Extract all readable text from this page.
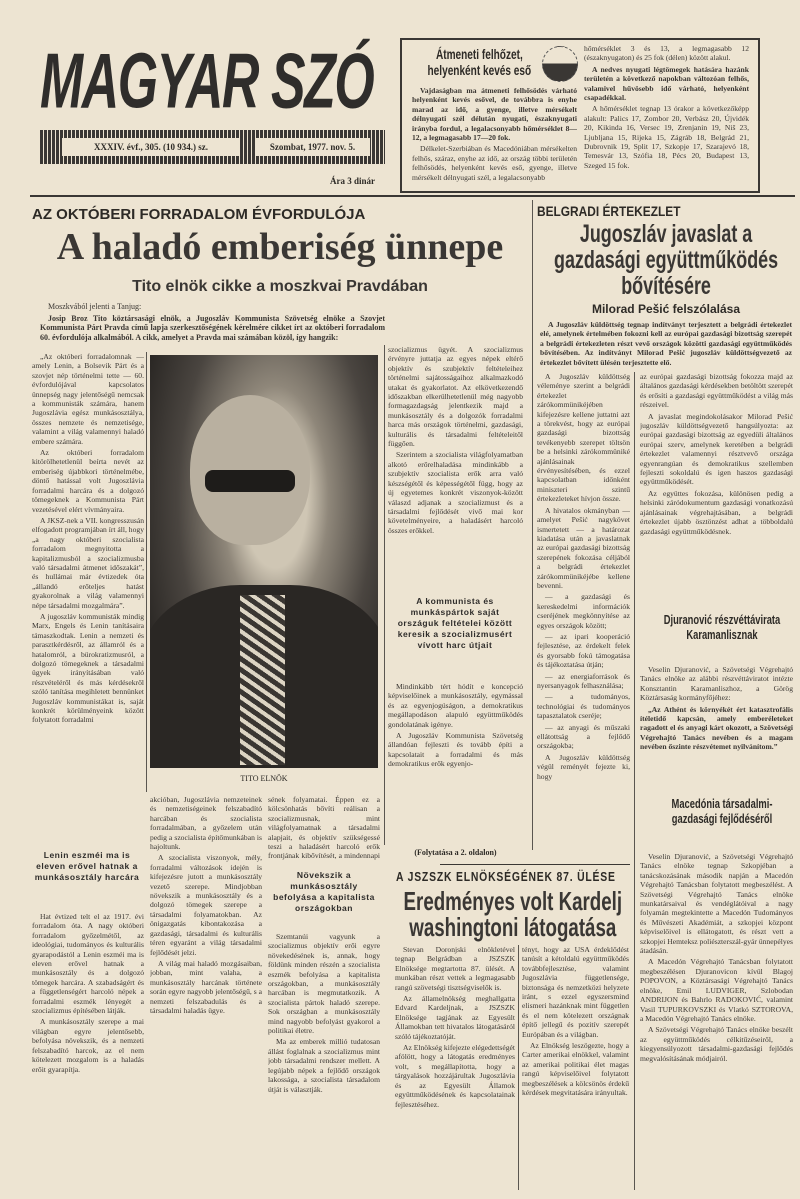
MAGYAR SZÓ
XXXIV. évf., 305. (10 934.) sz.	Szombat, 1977. nov. 5.
Ára 3 dinár
Átmeneti felhőzet,
helyenként kevés eső

Vajdaságban ma átmeneti felhősödés várható helyenként kevés esővel, de továbbra is enyhe marad az idő, a gyenge, illetve mérsékelt délnyugati szél délután nyugati, északnyugati irányba fordul, a legalacsonyabb hőmérséklet 8—12, a legmagasabb 17—20 fok.

Délkelet-Szerbiában és Macedóniában mérsékelten felhős, száraz, enyhe az idő, az ország többi területén felhősödés, helyenként kevés eső, gyenge, illetve mérsékelt délnyugati szél, a legalacsonyabb

hőmérséklet 3 és 13, a legmagasabb 12 (északnyugaton) és 25 fok (délen) között alakul.

A nedves nyugati légtömegek hatására hazánk területén a következő napokban változóan felhős, valamivel hűvösebb idő várható, helyenként csapadékkal.

A hőmérséklet tegnap 13 órakor a következőképp alakult: Palics 17, Zombor 20, Verbász 20, Újvidék 20, Kikinda 16, Versec 19, Zrenjanin 19, Niš 23, Ljubljana 15, Rijeka 15, Zágráb 18, Belgrád 21, Dubrovnik 19, Split 17, Szkopje 17, Szarajevó 18, Temesvár 13, Szófia 18, Pécs 20, Budapest 13, Szeged 15 fok.

AZ OKTÓBERI FORRADALOM ÉVFORDULÓJA
A haladó emberiség ünnepe
Tito elnök cikke a moszkvai Pravdában

Moszkvából jelenti a Tanjug:

Josip Broz Tito köztársasági elnök, a Jugoszláv Kommunista Szövetség elnöke a Szovjet Kommunista Párt Pravda című lapja szerkesztőségének kérelmére cikket írt az októberi forradalom 60. évfordulója alkalmából. A cikk, amelyet a Pravda mai számában közöl, így hangzik:

„Az októberi forradalomnak — amely Lenin, a Bolsevik Párt és a szovjet nép történelmi tette — 60. évfordulójával kapcsolatos ünnepség nagy jelentőségű nemcsak a kommunisták számára, hanem Jugoszlávia egész munkásosztálya, összes nemzete és nemzetisége, valamint a világ valamennyi haladó embere számára.

Az októberi forradalom kitörölhetetlenül beírta nevét az emberiség újabbkori történelmébe, döntő hatással volt Jugoszlávia forradalmi harcára és a dolgozó tömegeknek a Kommunista Párt vezetésével elért vívmányaira.

A JKSZ-nek a VII. kongresszusán elfogadott programjában írt áll, hogy „a nagy októberi szocialista forradalom megnyitotta a kapitalizmusból a szocializmusba való társadalmi átmenet időszakát”, és hullámai már évtizedek óta „állandó erőteljes hatást gyakorolnak a világ valamennyi népe társadalmi mozgalmára”.

A jugoszláv kommunisták mindig Marx, Engels és Lenin tanításaira támaszkodtak. Lenin a nemzeti és parasztkérdésről, az államról és a hatalomról, a bürokratizmusról, a dolgozó tömegeknek a társadalmi ügyek irányításában való részvételéről és más kérdésekről szóló tanítása megihletett bennünket Jugoszláv kommunistákat is, saját konkrét körülményeink között folytatott forradalmi

TITO ELNÖK
Lenin eszméi ma is eleven erővel hatnak a munkásosztály harcára

Hat évtized telt el az 1917. évi forradalom óta. A nagy októberi forradalom győzelmétől, az ideológiai, tudományos és kulturális gyarapodástól a Lenin eszméi ma is eleven erővel hatnak a munkásosztály és a dolgozó tömegek harcára. A szabadságért és a függetlenségért harcoló népek a forradalmi eszmék lényegét a szocializmus építésében látják.

A munkásosztály szerepe a mai világban egyre jelentősebb, befolyása növekszik, és a nemzeti felszabadító harcok, az el nem kötelezett mozgalom is a haladás erőit gyarapítja.

akcióban, Jugoszlávia nemzeteinek és nemzetiségeinek felszabadító harcában és szocialista forradalmában, a győzelem után pedig a szocialista építőmunkában is hajoltunk.

A szocialista viszonyok, mély, forradalmi változások idején is kifejezésre jutott a munkásosztály vezető szerepe. Mindjobban növekszik a munkásosztály és a dolgozó tömegek szerepe a társadalmi folyamatokban. Az önigazgatás kibontakozása a gazdasági, társadalmi és kulturális téren egyaránt a világ társadalmi fejlődését jelzi.

A világ mai haladó mozgásaiban, jobban, mint valaha, a munkásosztály harcának története során egyre nagyobb jelentőségű, s a nemzeti felszabadulás és a társadalmi haladás ügye.

sének folyamatai. Éppen ez a kölcsönhatás bővíti reálisan a szocializmusnak, mint világfolyamatnak a társadalmi alapjait, és objektív szükségessé teszi a haladásért harcoló erők frontjának kibővítését, a mindennapi

Növekszik a munkásosztály befolyása a kapitalista országokban

Szemtanúi vagyunk a szocializmus objektív erői egyre növekedésének is, annak, hogy földünk minden részén a szocialista eszmék befolyása a kapitalista országokban, a munkásosztály harcában is megmutatkozik. A szocialista pártok haladó szerepe. Sok országban a munkásosztály mind nagyobb befolyást gyakorol a politikai életre.

Ma az emberek millió tudatosan állást foglalnak a szocializmus mint jobb társadalmi rendszer mellett. A legújabb népek a fejlődő országok lakossága, a szocialista társadalom útját is választják.

szocializmus ügyét. A szocializmus érvényre juttatja az egyes népek eltérő objektív és szubjektív feltételeihez történelmi sajátosságaihoz alkalmazkodó utakat és gyakorlatot. Az elkövetkezendő időszakban elkerülhetetlenül még nagyobb formagazdagság jelentkezik majd a munkásosztály és a dolgozók forradalmi harca más országok történelmi, gazdasági, kulturális és társadalmi feltételeitől függően.

Szerintem a szocialista világfolyamatban alkotó erőrelhaladása mindinkább a szubjektív szocialista erők arra való készségétől és képességétől függ, hogy az új egyetemes konkrét viszonyok-között válaszd adjanak a szocializmust és a társadalmi fejlődését vivő mai kor követelményeire, a haladásért harcoló összes erőkkel.

A kommunista és munkáspártok saját országuk feltételei között keresik a szocializmusért vívott harc útjait

Mindinkább tért hódít e koncepció képviselőinek a munkásosztály, egymással és az egyenjogúságon, a demokratikus megállapodáson alapuló együttműködés gondolatának igénye.

A Jugoszláv Kommunista Szövetség állandóan fejleszti és tovább építi a kapcsolatait a forradalmi és más demokratikus erők egyenjo-

(Folytatása a 2. oldalon)
BELGRADI ÉRTEKEZLET
Jugoszláv javaslat a gazdasági együttműködés bővítésére
Milorad Pešić felszólalása

A Jugoszláv küldöttség tegnap indítványt terjesztett a belgrádi értekezlet elé, amelynek értelmében fokozni kell az európai gazdasági bizottság szerepét a belgrádi értekezleten részt vevő országok közötti gazdasági együttműködés bővítésében. Az indítványt Milorad Pešić jugoszláv küldöttségvezető az értekezlet bővített ülésén terjesztette elő.

A Jugoszláv küldöttség véleménye szerint a belgrádi értekezlet zárókommünikéjében kifejezésre kellene juttatni azt a törekvést, hogy az európai gazdasági bizottság tevékenyebb szerepet töltsön be a helsinki zárókommüniké ajánlásainak érvényesítésében, és ezzel kapcsolatban időnként miniszteri szintű értekezleteket hívjon össze.

A hivatalos okmányban — amelyet Pešić nagykövet ismertetett — a határozat kiadatása után a javaslatnak az európai gazdasági bizottság szerepének fokozása céljából a belgrádi értekezlet zárókommünikéjébe kellene bevenni.

— a gazdasági és kereskedelmi információk cseréjének megkönnyítése az egyes országok között;

— az ipari kooperáció fejlesztése, az érdekelt felek és gyorsabb fokú támogatása és tájékoztatása útján;

— az energiaforrások és nyersanyagok felhasználása;

— a tudományos, technológiai és tudományos tapasztalatok cseréje;

— az anyagi és műszaki ellátottság a fejlődő országokba;

A Jugoszláv küldöttség végül reményét fejezte ki, hogy

az európai gazdasági bizottság fokozza majd az általános gazdasági kérdésekben betöltött szerepét és erősíti a gazdasági együttműködést a világ más részeivel.

A javaslat megindokolásakor Milorad Pešić jugoszláv küldöttségvezető hangsúlyozta: az európai gazdasági bizottság az egyedüli általános európai szerv, amelynek keretében a belgrádi értekezlet valamennyi résztvevő országa egyenrangúan és demokratikus szellemben fejleszti sokoldalú és igen haszos gazdasági együttműködését.

Az együttes fokozása, különösen pedig a helsinki záródokumentum gazdasági vonatkozású ajánlásainak végrehajtásában, a belgrádi értekezlet újabb ösztönzést adhat a többoldalú gazdasági együttműködésnek.

Djuranović részvéttávirata Karamanlisznak

Veselin Djuranović, a Szövetségi Végrehajtó Tanács elnöke az alábbi részvéttáviratot intézte Konsztantin Karamanliszhoz, a Görög Köztársaság kormányfőjéhez:

„Az Athént és környékét ért katasztrofális ítéletidő kapcsán, amely emberéleteket ragadott el és anyagi kárt okozott, a Szövetségi Végrehajtó Tanács nevében és a magam nevében őszinte részvétemet nyilvánítom.”

Macedónia társadalmi-gazdasági fejlődéséről

Veselin Djuranović, a Szövetségi Végrehajtó Tanács elnöke tegnap Szkopjéban a tanácskozásának második napján a Macedón Végrehajtó Tanácsban folytatott megbeszélést. A Szövetségi Végrehajtó Tanács elnöke munkatársaival és vendéglátóival a nagy folyamán megtekintette a Macedón Tudományos és Művészeti Akadémiát, a szkopjei központ képviselőivel is ellátogatott, és részt vett a szkopjei Hemteksz poliészterszál-gyár ünnepélyes átadásán.

A Macedón Végrehajtó Tanácsban folytatott megbeszélésen Djuranovicon kívül Blagoj POPOVON, a Köztársasági Végrehajtó Tanács elnöke, Emil LUDVIGER, Szlobodan ANDRIJON és Bahrlo RADOKOVIĆ, valamint Vasil TUPURKOVSZKI és Vlatkó SZTOROVA, a Macedón Végrehajtó Tanács elnöke.

A Szövetségi Végrehajtó Tanács elnöke beszélt az együttműködés célkitűzéseiről, a kiegyensúlyozott társadalmi-gazdasági fejlődés megvalósításának módjairól.

A JSZSZK ELNÖKSÉGÉNEK 87. ÜLÉSE
Eredményes volt Kardelj
washingtoni látogatása

Stevan Doronjski elnökletével tegnap Belgrádban a JSZSZK Elnöksége megtartotta 87. ülését. A munkában részt vettek a legmagasabb rangú szövetségi tisztségviselők is.

Az államelnökség meghallgatta Edvard Kardeljnak, a JSZSZK Elnöksége tagjának az Egyesült Államokban tett hivatalos látogatásáról szóló tájékoztatóját.

Az Elnökség kifejezte elégedettségét afölött, hogy a látogatás eredményes volt, s megállapította, hogy a tárgyalások hozzájárultak Jugoszlávia és az Egyesült Államok együttműködésének és kapcsolatainak fejlesztéséhez.

tényt, hogy az USA érdeklődést tanúsít a kétoldalú együttműködés továbbfejlesztése, valamint Jugoszlávia függetlensége, biztonsága és nemzetközi helyzete iránt, s ezzel egyszersmind elismeri hazánknak mint független és el nem kötelezett országnak építő jellegű és pozitív szerepét Európában és a világban.

Az Elnökség leszögezte, hogy a Carter amerikai elnökkel, valamint az amerikai politikai élet magas rangú képviselőivel folytatott megbeszélések a kölcsönös érdekű kérdések megvitatására irányultak.
